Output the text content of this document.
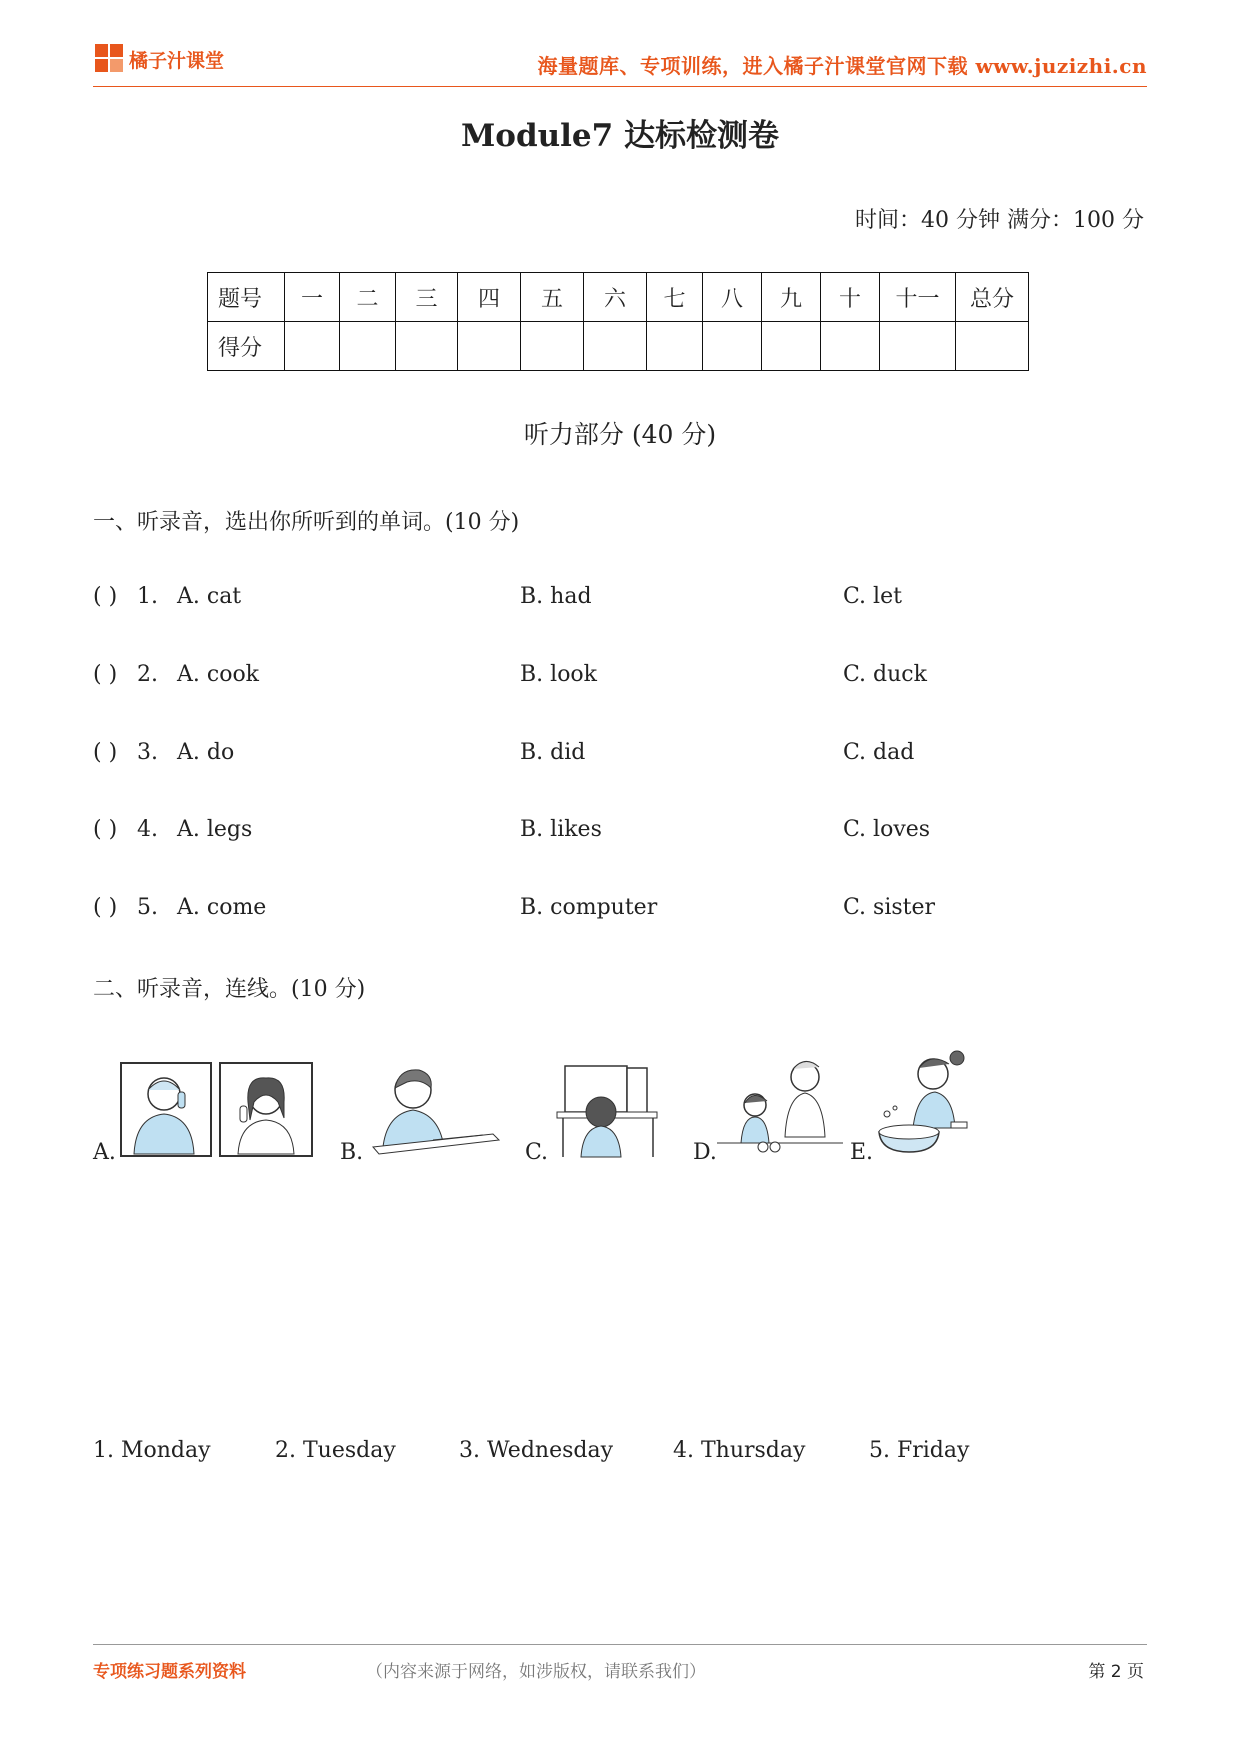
橘子汁课堂	海量题库、专项训练，进入橘子汁课堂官网下载 www.juzizhi.cn
Module7 达标检测卷
时间：40 分钟 满分：100 分
题号	一	二	三	四	五	六	七	八	九	十	十一	总分
得分												
听力部分 (40 分)
一、听录音，选出你所听到的单词。(10 分)
( ) 1. A. cat	B. had	C. let
( ) 2. A. cook	B. look	C. duck
( ) 3. A. do	B. did	C. dad
( ) 4. A. legs	B. likes	C. loves
( ) 5. A. come	B. computer	C. sister
二、听录音，连线。(10 分)
A.	B.	C.	D.	E.
1. Monday	2. Tuesday	3. Wednesday	4. Thursday	5. Friday
专项练习题系列资料	（内容来源于网络，如涉版权，请联系我们）	第 2 页
